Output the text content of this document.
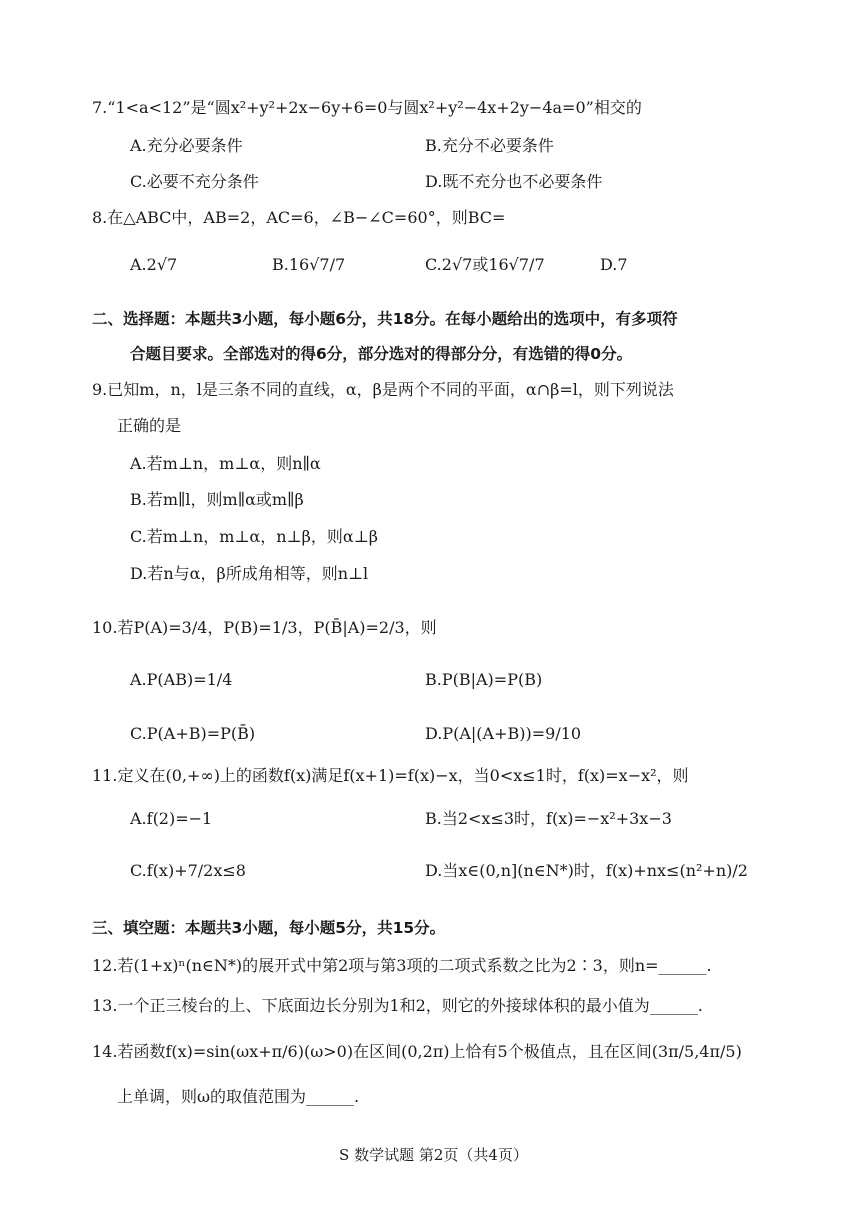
7.“1<a<12”是“圆x²+y²+2x−6y+6=0与圆x²+y²−4x+2y−4a=0”相交的
A.充分必要条件	B.充分不必要条件
C.必要不充分条件	D.既不充分也不必要条件
8.在△ABC中，AB=2，AC=6，∠B−∠C=60°，则BC=
A.2√7	B.16√7/7	C.2√7或16√7/7	D.7
二、选择题：本题共3小题，每小题6分，共18分。在每小题给出的选项中，有多项符
合题目要求。全部选对的得6分，部分选对的得部分分，有选错的得0分。
9.已知m，n，l是三条不同的直线，α，β是两个不同的平面，α∩β=l，则下列说法
正确的是
A.若m⊥n，m⊥α，则n∥α
B.若m∥l，则m∥α或m∥β
C.若m⊥n，m⊥α，n⊥β，则α⊥β
D.若n与α，β所成角相等，则n⊥l
10.若P(A)=3/4，P(B)=1/3，P(B̄|A)=2/3，则
A.P(AB)=1/4	B.P(B|A)=P(B)
C.P(A+B)=P(B̄)	D.P(A|(A+B))=9/10
11.定义在(0,+∞)上的函数f(x)满足f(x+1)=f(x)−x，当0<x≤1时，f(x)=x−x²，则
A.f(2)=−1	B.当2<x≤3时，f(x)=−x²+3x−3
C.f(x)+7/2x≤8	D.当x∈(0,n](n∈N*)时，f(x)+nx≤(n²+n)/2
三、填空题：本题共3小题，每小题5分，共15分。
12.若(1+x)ⁿ(n∈N*)的展开式中第2项与第3项的二项式系数之比为2∶3，则n=______.
13.一个正三棱台的上、下底面边长分别为1和2，则它的外接球体积的最小值为______.
14.若函数f(x)=sin(ωx+π/6)(ω>0)在区间(0,2π)上恰有5个极值点，且在区间(3π/5,4π/5)
上单调，则ω的取值范围为______.
S 数学试题 第2页（共4页）
